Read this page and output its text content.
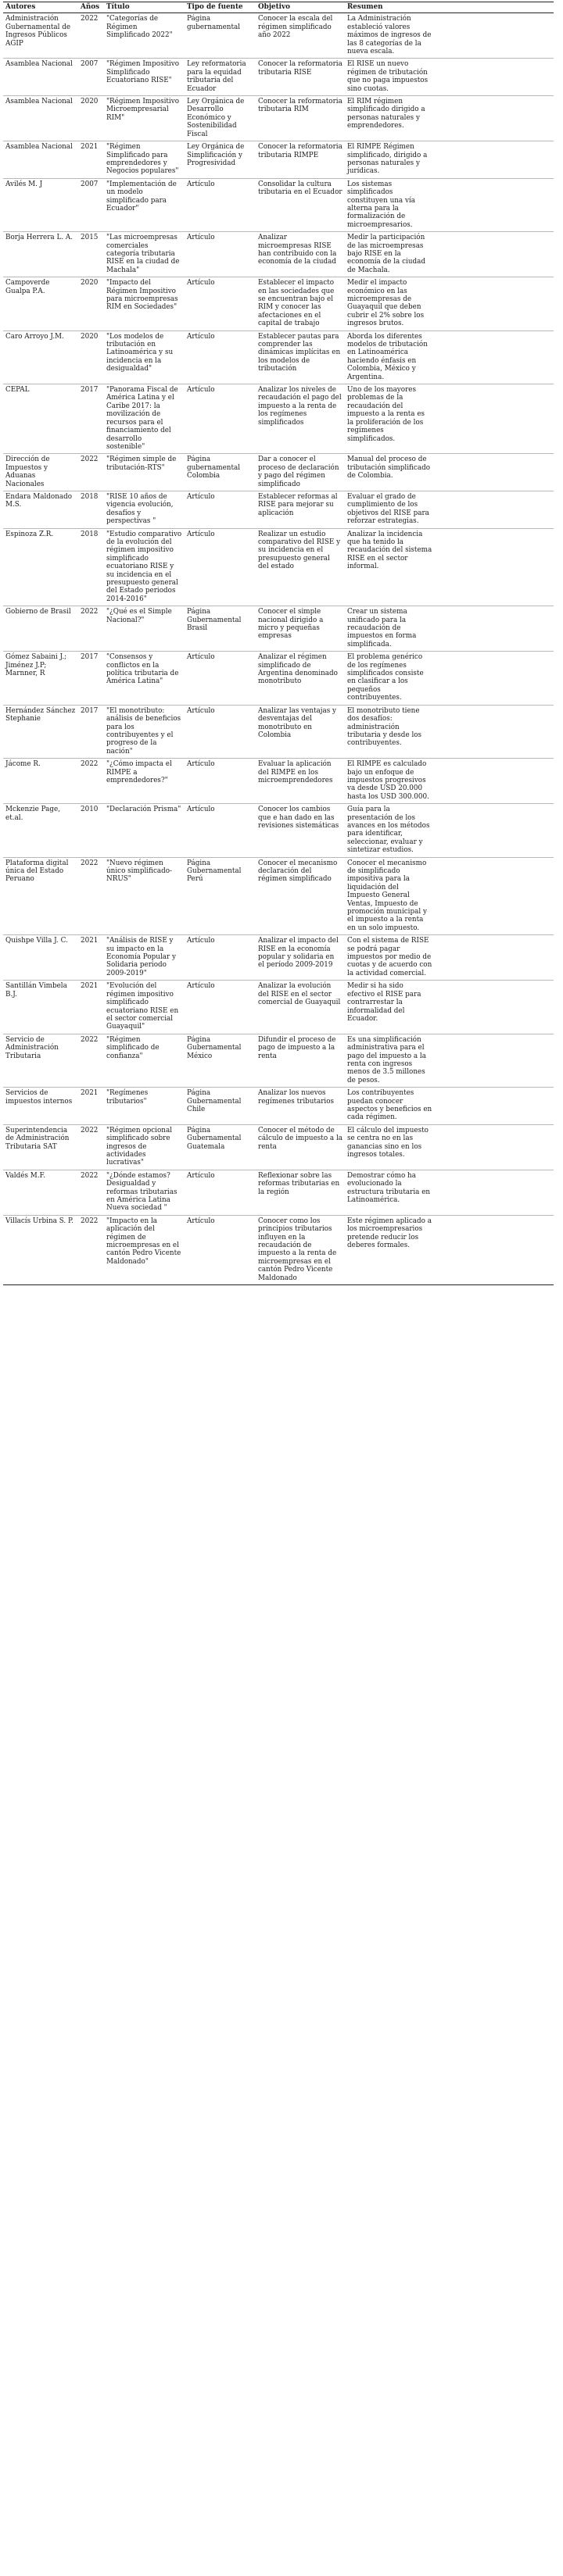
Autores	Años	Título	Tipo de fuente	Objetivo	Resumen
Administración Gubernamental de Ingresos Públicos AGIP	2022	"Categorías de Régimen Simplificado 2022"	Página gubernamental	Conocer la escala del régimen simplificado año 2022	La Administración estableció valores máximos de ingresos de las 8 categorías de la nueva escala.
Asamblea Nacional	2007	"Régimen Impositivo Simplificado Ecuatoriano RISE"	Ley reformatoria para la equidad tributaria del Ecuador	Conocer la reformatoria tributaria RISE	El RISE un nuevo régimen de tributación que no paga impuestos sino cuotas.
Asamblea Nacional	2020	"Régimen Impositivo Microempresarial RIM"	Ley Orgánica de Desarrollo Económico y Sostenibilidad Fiscal	Conocer la reformatoria tributaria RIM	El RIM régimen simplificado dirigido a personas naturales y emprendedores.
Asamblea Nacional	2021	"Régimen Simplificado para emprendedores y Negocios populares"	Ley Orgánica de Simplificación y Progresividad	Conocer la reformatoria tributaria RIMPE	El RIMPE Régimen simplificado, dirigido a personas naturales y jurídicas.
Avilés M. J	2007	"Implementación de un modelo simplificado para Ecuador"	Artículo	Consolidar la cultura tributaria en el Ecuador	Los sistemas simplificados constituyen una vía alterna para la formalización de microempresarios.
Borja Herrera L. A.	2015	"Las microempresas comerciales categoría tributaria RISE en la ciudad de Machala"	Artículo	Analizar microempresas RISE han contribuido con la economía de la ciudad	Medir la participación de las microempresas bajo RISE en la economía de la ciudad de Machala.
Campoverde Gualpa P.A.	2020	"Impacto del Régimen Impositivo para microempresas RIM en Sociedades"	Artículo	Establecer el impacto en las sociedades que se encuentran bajo el RIM y conocer las afectaciones en el capital de trabajo	Medir el impacto económico en las microempresas de Guayaquil que deben cubrir el 2% sobre los ingresos brutos.
Caro Arroyo J.M.	2020	"Los modelos de tributación en Latinoamérica y su incidencia en la desigualdad"	Artículo	Establecer pautas para comprender las dinámicas implícitas en los modelos de tributación	Aborda los diferentes modelos de tributación en Latinoamérica haciendo énfasis en Colombia, México y Argentina.
CEPAL	2017	"Panorama Fiscal de América Latina y el Caribe 2017: la movilización de recursos para el financiamiento del desarrollo sostenible"	Artículo	Analizar los niveles de recaudación el pago del impuesto a la renta de los regímenes simplificados	Uno de los mayores problemas de la recaudación del impuesto a la renta es la proliferación de los regímenes simplificados.
Dirección de Impuestos y Aduanas Nacionales	2022	"Régimen simple de tributación-RTS"	Página gubernamental Colombia	Dar a conocer el proceso de declaración y pago del régimen simplificado	Manual del proceso de tributación simplificado de Colombia.
Endara Maldonado M.S.	2018	"RISE 10 años de vigencia evolución, desafíos y perspectivas "	Artículo	Establecer reformas al RISE para mejorar su aplicación	Evaluar el grado de cumplimiento de los objetivos del RISE para reforzar estrategias.
Espinoza Z.R.	2018	"Estudio comparativo de la evolución del régimen impositivo simplificado ecuatoriano RISE y su incidencia en el presupuesto general del Estado periodos 2014-2016"	Artículo	Realizar un estudio comparativo del RISE y su incidencia en el presupuesto general del estado	Analizar la incidencia que ha tenido la recaudación del sistema RISE en el sector informal.
Gobierno de Brasil	2022	"¿Qué es el Simple Nacional?"	Página Gubernamental Brasil	Conocer el simple nacional dirigido a micro y pequeñas empresas	Crear un sistema unificado para la recaudación de impuestos en forma simplificada.
Gómez Sabaini J.; Jiménez J.P; Marnner, R	2017	"Consensos y conflictos en la política tributaria de América Latina"	Artículo	Analizar el régimen simplificado de Argentina denominado monotributo	El problema genérico de los regímenes simplificados consiste en clasificar a los pequeños contribuyentes.
Hernández Sánchez Stephanie	2017	"El monotributo: análisis de beneficios para los contribuyentes y el progreso de la nación"	Artículo	Analizar las ventajas y desventajas del monotributo en Colombia	El monotributo tiene dos desafíos: administración tributaria y desde los contribuyentes.
Jácome R.	2022	"¿Cómo impacta el RIMPE a emprendedores?"	Artículo	Evaluar la aplicación del RIMPE en los microemprendedores	El RIMPE es calculado bajo un enfoque de impuestos progresivos va desde USD 20.000 hasta los USD 300.000.
Mckenzie Page, et.al.	2010	"Declaración Prisma"	Artículo	Conocer los cambios que e han dado en las revisiones sistemáticas	Guía para la presentación de los avances en los métodos para identificar, seleccionar, evaluar y sintetizar estudios.
Plataforma digital única del Estado Peruano	2022	"Nuevo régimen único simplificado-NRUS"	Página Gubernamental Perú	Conocer el mecanismo declaración del régimen simplificado	Conocer el mecanismo de simplificado impositiva para la liquidación del Impuesto General Ventas, Impuesto de promoción municipal y el impuesto a la renta en un solo impuesto.
Quishpe Villa J. C.	2021	"Análisis de RISE y su impacto en la Economía Popular y Solidaria periodo 2009-2019"	Artículo	Analizar el impacto del RISE en la economía popular y solidaria en el período 2009-2019	Con el sistema de RISE se podrá pagar impuestos por medio de cuotas y de acuerdo con la actividad comercial.
Santillán Vimbela B.J.	2021	"Evolución del régimen impositivo simplificado ecuatoriano RISE en el sector comercial Guayaquil"	Artículo	Analizar la evolución del RISE en el sector comercial de Guayaquil	Medir si ha sido efectivo el RISE para contrarrestar la informalidad del Ecuador.
Servicio de Administración Tributaria	2022	"Régimen simplificado de confianza"	Página Gubernamental México	Difundir el proceso de pago de impuesto a la renta	Es una simplificación administrativa para el pago del impuesto a la renta con ingresos menos de 3.5 millones de pesos.
Servicios de impuestos internos	2021	"Regímenes tributarios"	Página Gubernamental Chile	Analizar los nuevos regímenes tributarios	Los contribuyentes puedan conocer aspectos y beneficios en cada régimen.
Superintendencia de Administración Tributaria SAT	2022	"Régimen opcional simplificado sobre ingresos de actividades lucrativas"	Página Gubernamental Guatemala	Conocer el método de cálculo de impuesto a la renta	El cálculo del impuesto se centra no en las ganancias sino en los ingresos totales.
Valdés M.F.	2022	"¿Dónde estamos? Desigualdad y reformas tributarias en América Latina Nueva sociedad "	Artículo	Reflexionar sobre las reformas tributarias en la región	Demostrar cómo ha evolucionado la estructura tributaria en Latinoamérica.
Villacís Urbina S. P.	2022	"Impacto en la aplicación del régimen de microempresas en el cantón Pedro Vicente Maldonado"	Artículo	Conocer como los principios tributarios influyen en la recaudación de impuesto a la renta de microempresas en el cantón Pedro Vicente Maldonado	Este régimen aplicado a los microempresarios pretende reducir los deberes formales.
